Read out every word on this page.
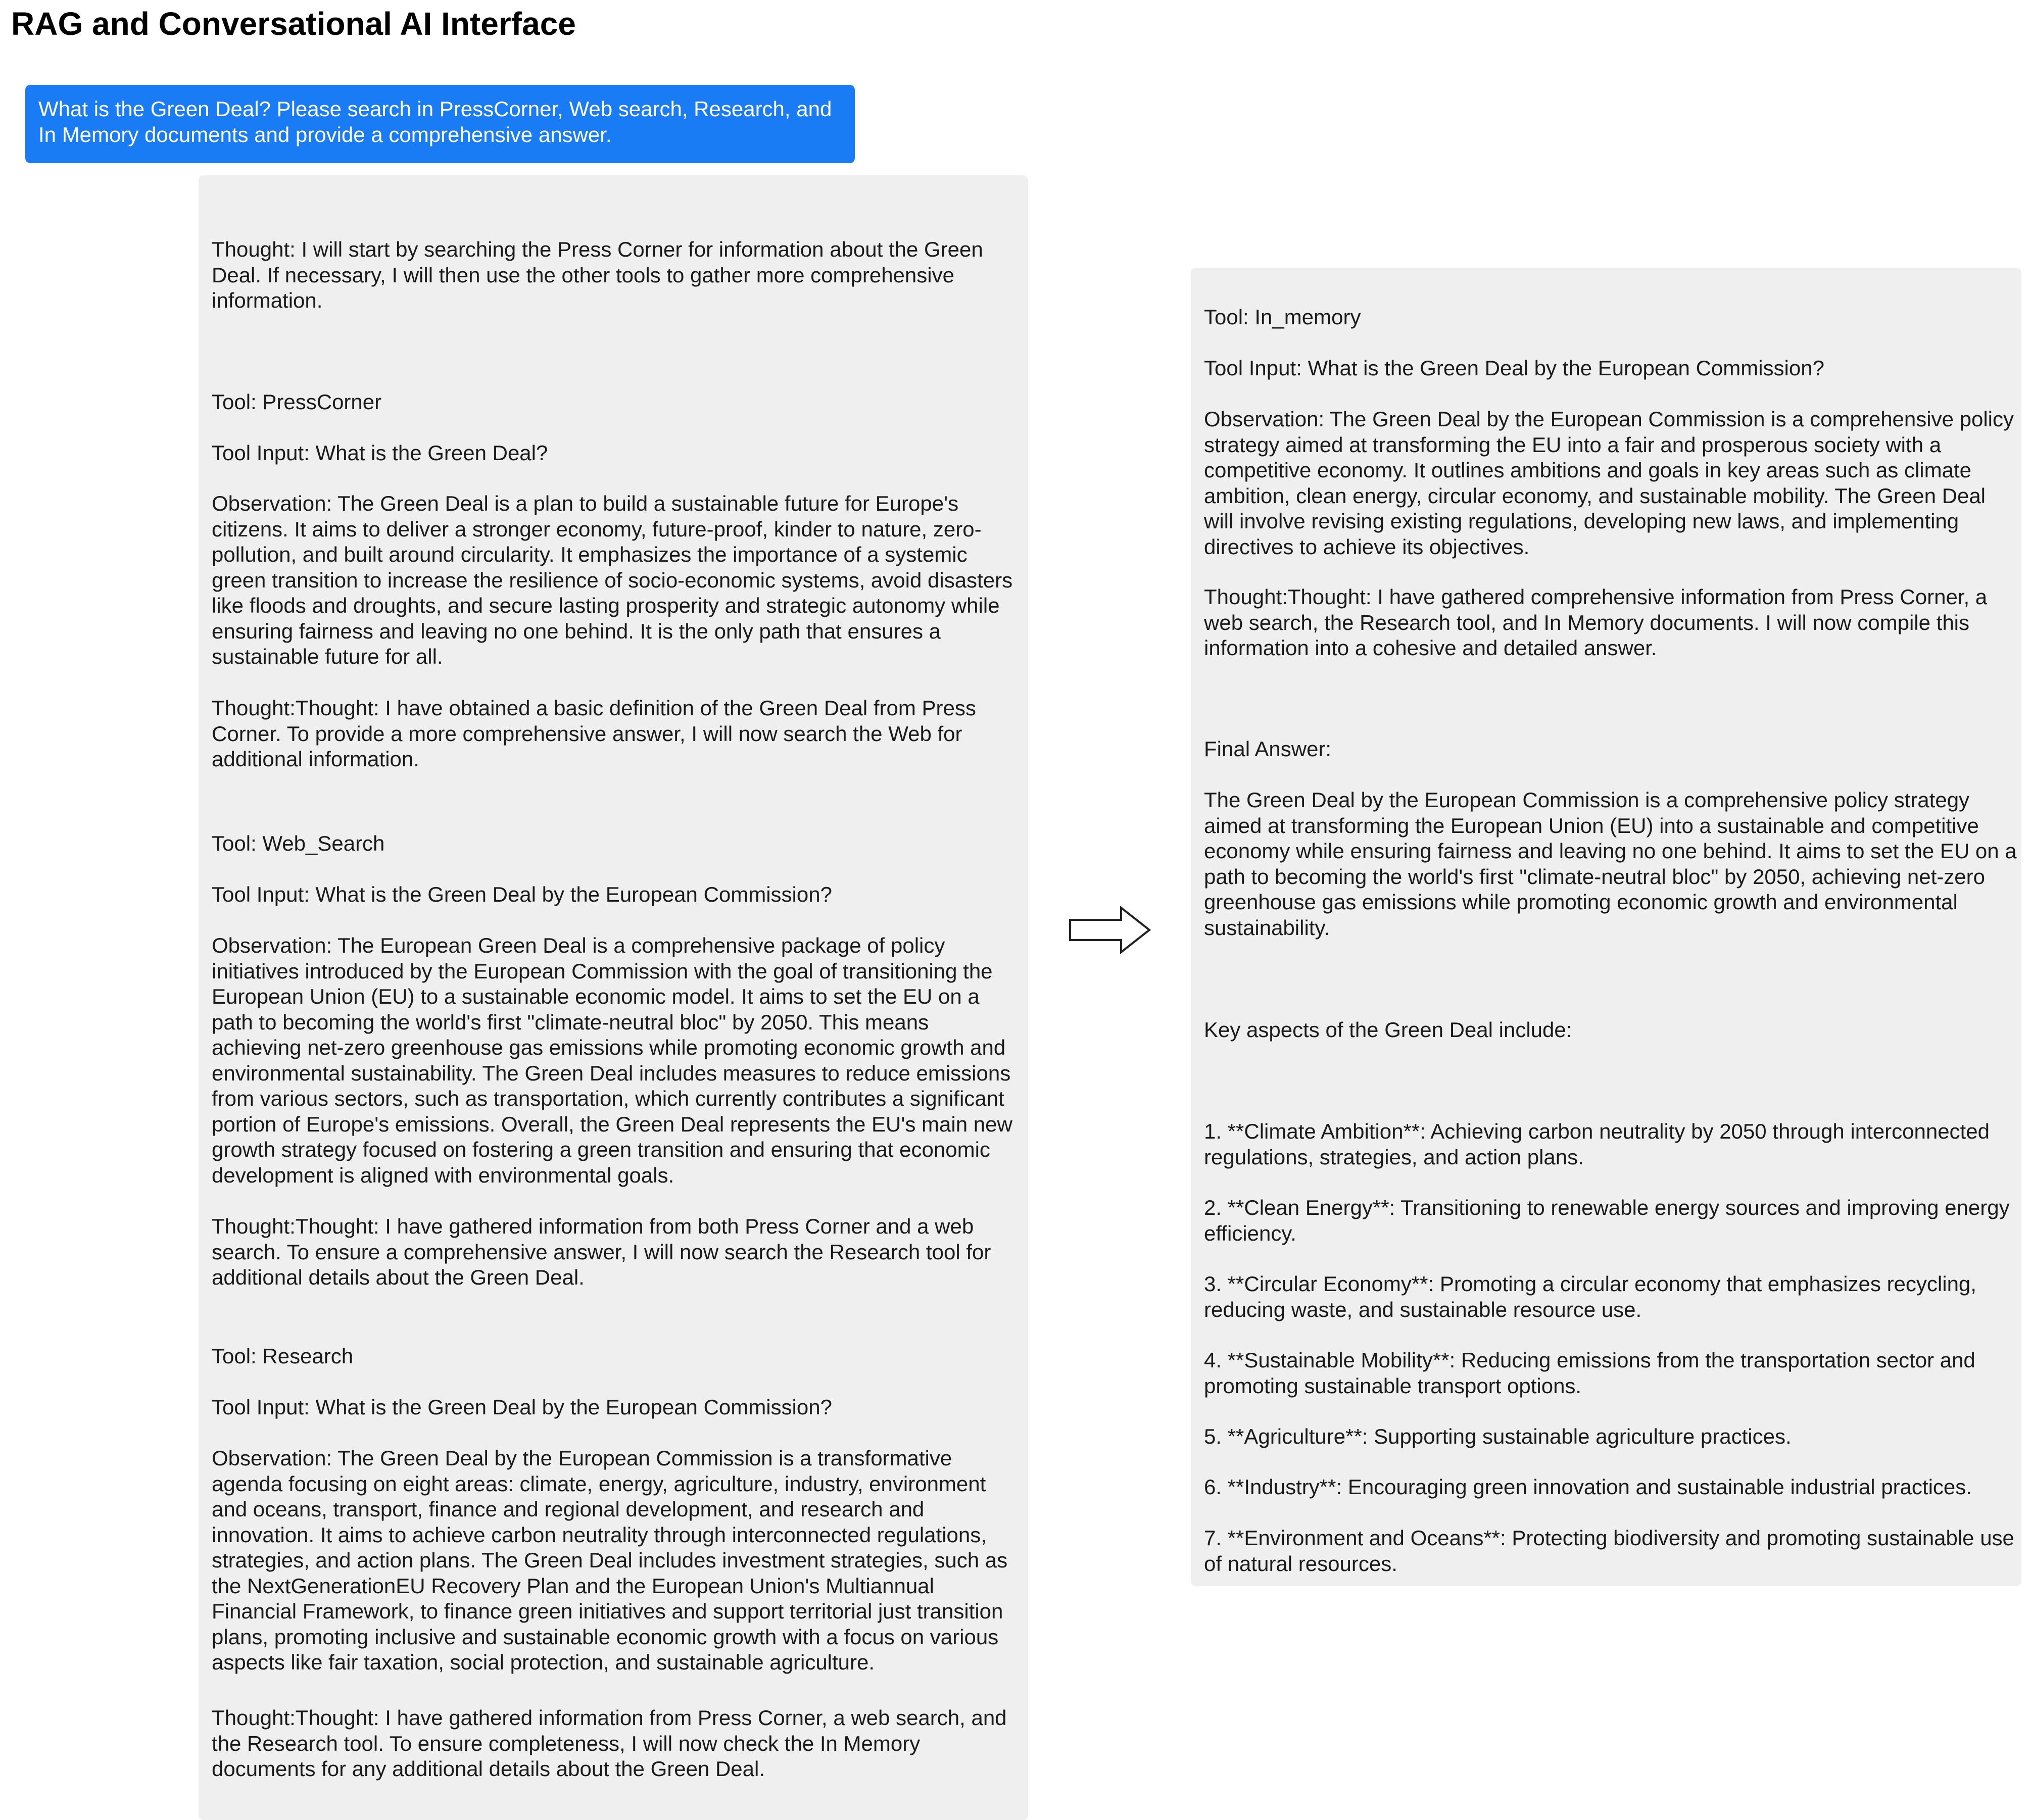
RAG and Conversational AI Interface
What is the Green Deal? Please search in PressCorner, Web search, Research, and In Memory documents and provide a comprehensive answer.

Thought: I will start by searching the Press Corner for information about the Green Deal. If necessary, I will then use the other tools to gather more comprehensive information.

Tool: PressCorner

Tool Input: What is the Green Deal?

Observation: The Green Deal is a plan to build a sustainable future for Europe's citizens. It aims to deliver a stronger economy, future-proof, kinder to nature, zero-pollution, and built around circularity. It emphasizes the importance of a systemic green transition to increase the resilience of socio-economic systems, avoid disasters like floods and droughts, and secure lasting prosperity and strategic autonomy while ensuring fairness and leaving no one behind. It is the only path that ensures a sustainable future for all.

Thought:Thought: I have obtained a basic definition of the Green Deal from Press Corner. To provide a more comprehensive answer, I will now search the Web for additional information.

Tool: Web_Search

Tool Input: What is the Green Deal by the European Commission?

Observation: The European Green Deal is a comprehensive package of policy initiatives introduced by the European Commission with the goal of transitioning the European Union (EU) to a sustainable economic model. It aims to set the EU on a path to becoming the world's first "climate-neutral bloc" by 2050. This means achieving net-zero greenhouse gas emissions while promoting economic growth and environmental sustainability. The Green Deal includes measures to reduce emissions from various sectors, such as transportation, which currently contributes a significant portion of Europe's emissions. Overall, the Green Deal represents the EU's main new growth strategy focused on fostering a green transition and ensuring that economic development is aligned with environmental goals.

Thought:Thought: I have gathered information from both Press Corner and a web search. To ensure a comprehensive answer, I will now search the Research tool for additional details about the Green Deal.

Tool: Research

Tool Input: What is the Green Deal by the European Commission?

Observation: The Green Deal by the European Commission is a transformative agenda focusing on eight areas: climate, energy, agriculture, industry, environment and oceans, transport, finance and regional development, and research and innovation. It aims to achieve carbon neutrality through interconnected regulations, strategies, and action plans. The Green Deal includes investment strategies, such as the NextGenerationEU Recovery Plan and the European Union's Multiannual Financial Framework, to finance green initiatives and support territorial just transition plans, promoting inclusive and sustainable economic growth with a focus on various aspects like fair taxation, social protection, and sustainable agriculture.

Thought:Thought: I have gathered information from Press Corner, a web search, and the Research tool. To ensure completeness, I will now check the In Memory documents for any additional details about the Green Deal.

Tool: In_memory

Tool Input: What is the Green Deal by the European Commission?

Observation: The Green Deal by the European Commission is a comprehensive policy strategy aimed at transforming the EU into a fair and prosperous society with a competitive economy. It outlines ambitions and goals in key areas such as climate ambition, clean energy, circular economy, and sustainable mobility. The Green Deal will involve revising existing regulations, developing new laws, and implementing directives to achieve its objectives.

Thought:Thought: I have gathered comprehensive information from Press Corner, a web search, the Research tool, and In Memory documents. I will now compile this information into a cohesive and detailed answer.

Final Answer:

The Green Deal by the European Commission is a comprehensive policy strategy aimed at transforming the European Union (EU) into a sustainable and competitive economy while ensuring fairness and leaving no one behind. It aims to set the EU on a path to becoming the world's first "climate-neutral bloc" by 2050, achieving net-zero greenhouse gas emissions while promoting economic growth and environmental sustainability.

Key aspects of the Green Deal include:

1. **Climate Ambition**: Achieving carbon neutrality by 2050 through interconnected regulations, strategies, and action plans.

2. **Clean Energy**: Transitioning to renewable energy sources and improving energy efficiency.

3. **Circular Economy**: Promoting a circular economy that emphasizes recycling, reducing waste, and sustainable resource use.

4. **Sustainable Mobility**: Reducing emissions from the transportation sector and promoting sustainable transport options.

5. **Agriculture**: Supporting sustainable agriculture practices.

6. **Industry**: Encouraging green innovation and sustainable industrial practices.

7. **Environment and Oceans**: Protecting biodiversity and promoting sustainable use of natural resources.
